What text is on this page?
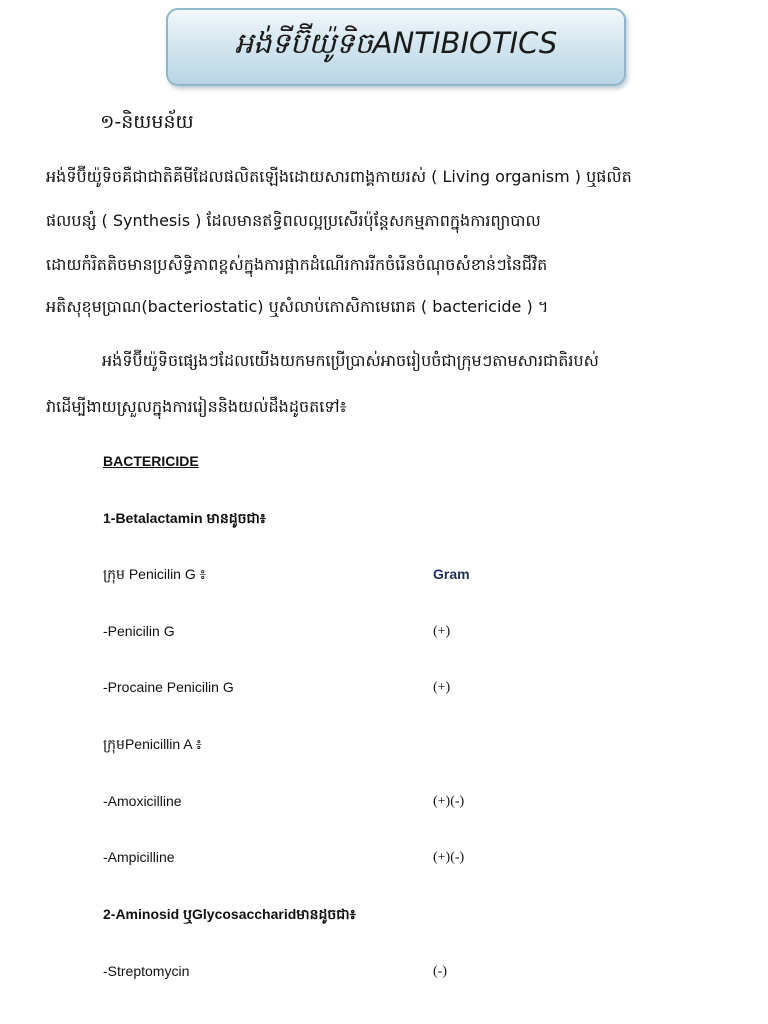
អង់ទីប៊ីយ៉ូទិចANTIBIOTICS
១-និយមន័យ
អង់ទីប៊ីយ៉ូទិចគឺជាជាតិគីមីដែលផលិតឡើងដោយសារពាង្គកាយរស់ ( Living organism ) ឬផលិត
ផលបន្សំ ( Synthesis ) ដែលមានឥទ្ធិពលល្អប្រសើរប៉ុន្តែសកម្មភាពក្នុងការព្យាបាល
ដោយកំរិតតិចមានប្រសិទ្ធិភាពខ្ពស់ក្នុងការផ្អាកដំណើរការរីកចំរើនចំណុចសំខាន់ៗនៃជីវិត
អតិសុខុមប្រាណ(bacteriostatic) ឬសំលាប់កោសិកាមេរោគ ( bactericide ) ។
អង់ទីប៊ីយ៉ូទិចផ្សេងៗដែលយើងយកមកប្រើប្រាស់អាចរៀបចំជាក្រុមៗតាមសារជាតិរបស់
វាដើម្បីងាយស្រួលក្នុងការរៀននិងយល់ដឹងដូចតទៅ៖
BACTERICIDE
1-Betalactamin មានដូចជា៖
ក្រុម Penicilin G ៖	Gram
-Penicilin G	(+)
-Procaine Penicilin G	(+)
ក្រុមPenicillin A ៖
-Amoxicilline	(+)(-)
-Ampicilline	(+)(-)
2-Aminosid ឬGlycosaccharidមានដូចជា៖
-Streptomycin	(-)
